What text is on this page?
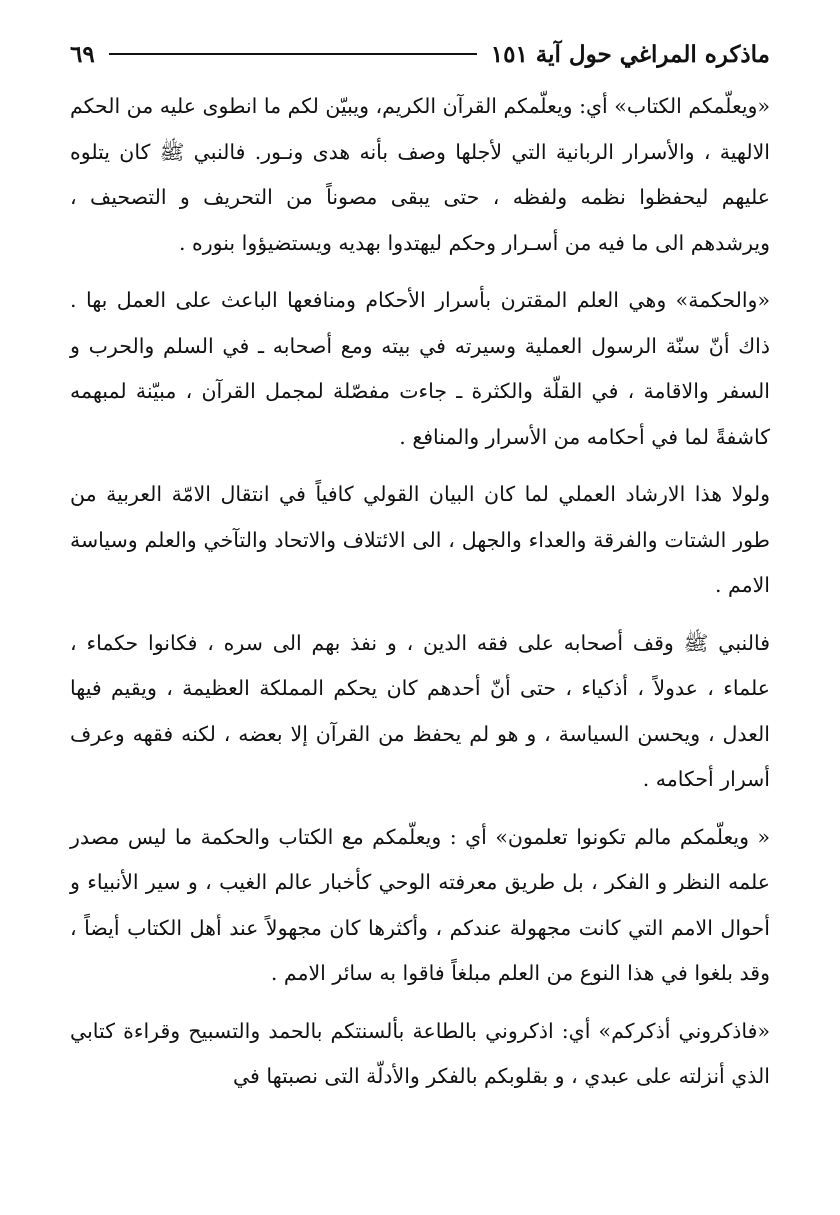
ماذكره المراغي حول آية ١٥١
٦٩

«ويعلّمكم الكتاب» أي: ويعلّمكم القرآن الكريم، ويبيّن لكم ما انطوى عليه من الحكم الالهية ، والأسرار الربانية التي لأجلها وصف بأنه هدى ونـور. فالنبي ﷺ كان يتلوه عليهم ليحفظوا نظمه ولفظه ، حتى يبقى مصوناً من التحريف و التصحيف ، ويرشدهم الى ما فيه من أسـرار وحكم ليهتدوا بهديه ويستضيؤوا بنوره .

«والحكمة» وهي العلم المقترن بأسرار الأحكام ومنافعها الباعث على العمل بها . ذاك أنّ سنّة الرسول العملية وسيرته في بيته ومع أصحابه ـ في السلم والحرب و السفر والاقامة ، في القلّة والكثرة ـ جاءت مفصّلة لمجمل القرآن ، مبيّنة لمبهمه كاشفةً لما في أحكامه من الأسرار والمنافع .

ولولا هذا الارشاد العملي لما كان البيان القولي كافياً في انتقال الامّة العربية من طور الشتات والفرقة والعداء والجهل ، الى الائتلاف والاتحاد والتآخي والعلم وسياسة الامم .

فالنبي ﷺ وقف أصحابه على فقه الدين ، و نفذ بهم الى سره ، فكانوا حكماء ، علماء ، عدولاً ، أذكياء ، حتى أنّ أحدهم كان يحكم المملكة العظيمة ، ويقيم فيها العدل ، ويحسن السياسة ، و هو لم يحفظ من القرآن إلا بعضه ، لكنه فقهه وعرف أسرار أحكامه .

« ويعلّمكم مالم تكونوا تعلمون» أي : ويعلّمكم مع الكتاب والحكمة ما ليس مصدر علمه النظر و الفكر ، بل طريق معرفته الوحي كأخبار عالم الغيب ، و سير الأنبياء و أحوال الامم التي كانت مجهولة عندكم ، وأكثرها كان مجهولاً عند أهل الكتاب أيضاً ، وقد بلغوا في هذا النوع من العلم مبلغاً فاقوا به سائر الامم .

«فاذكروني أذكركم» أي: اذكروني بالطاعة بألسنتكم بالحمد والتسبيح وقراءة كتابي الذي أنزلته على عبدي ، و بقلوبكم بالفكر والأدلّة التى نصبتها في
